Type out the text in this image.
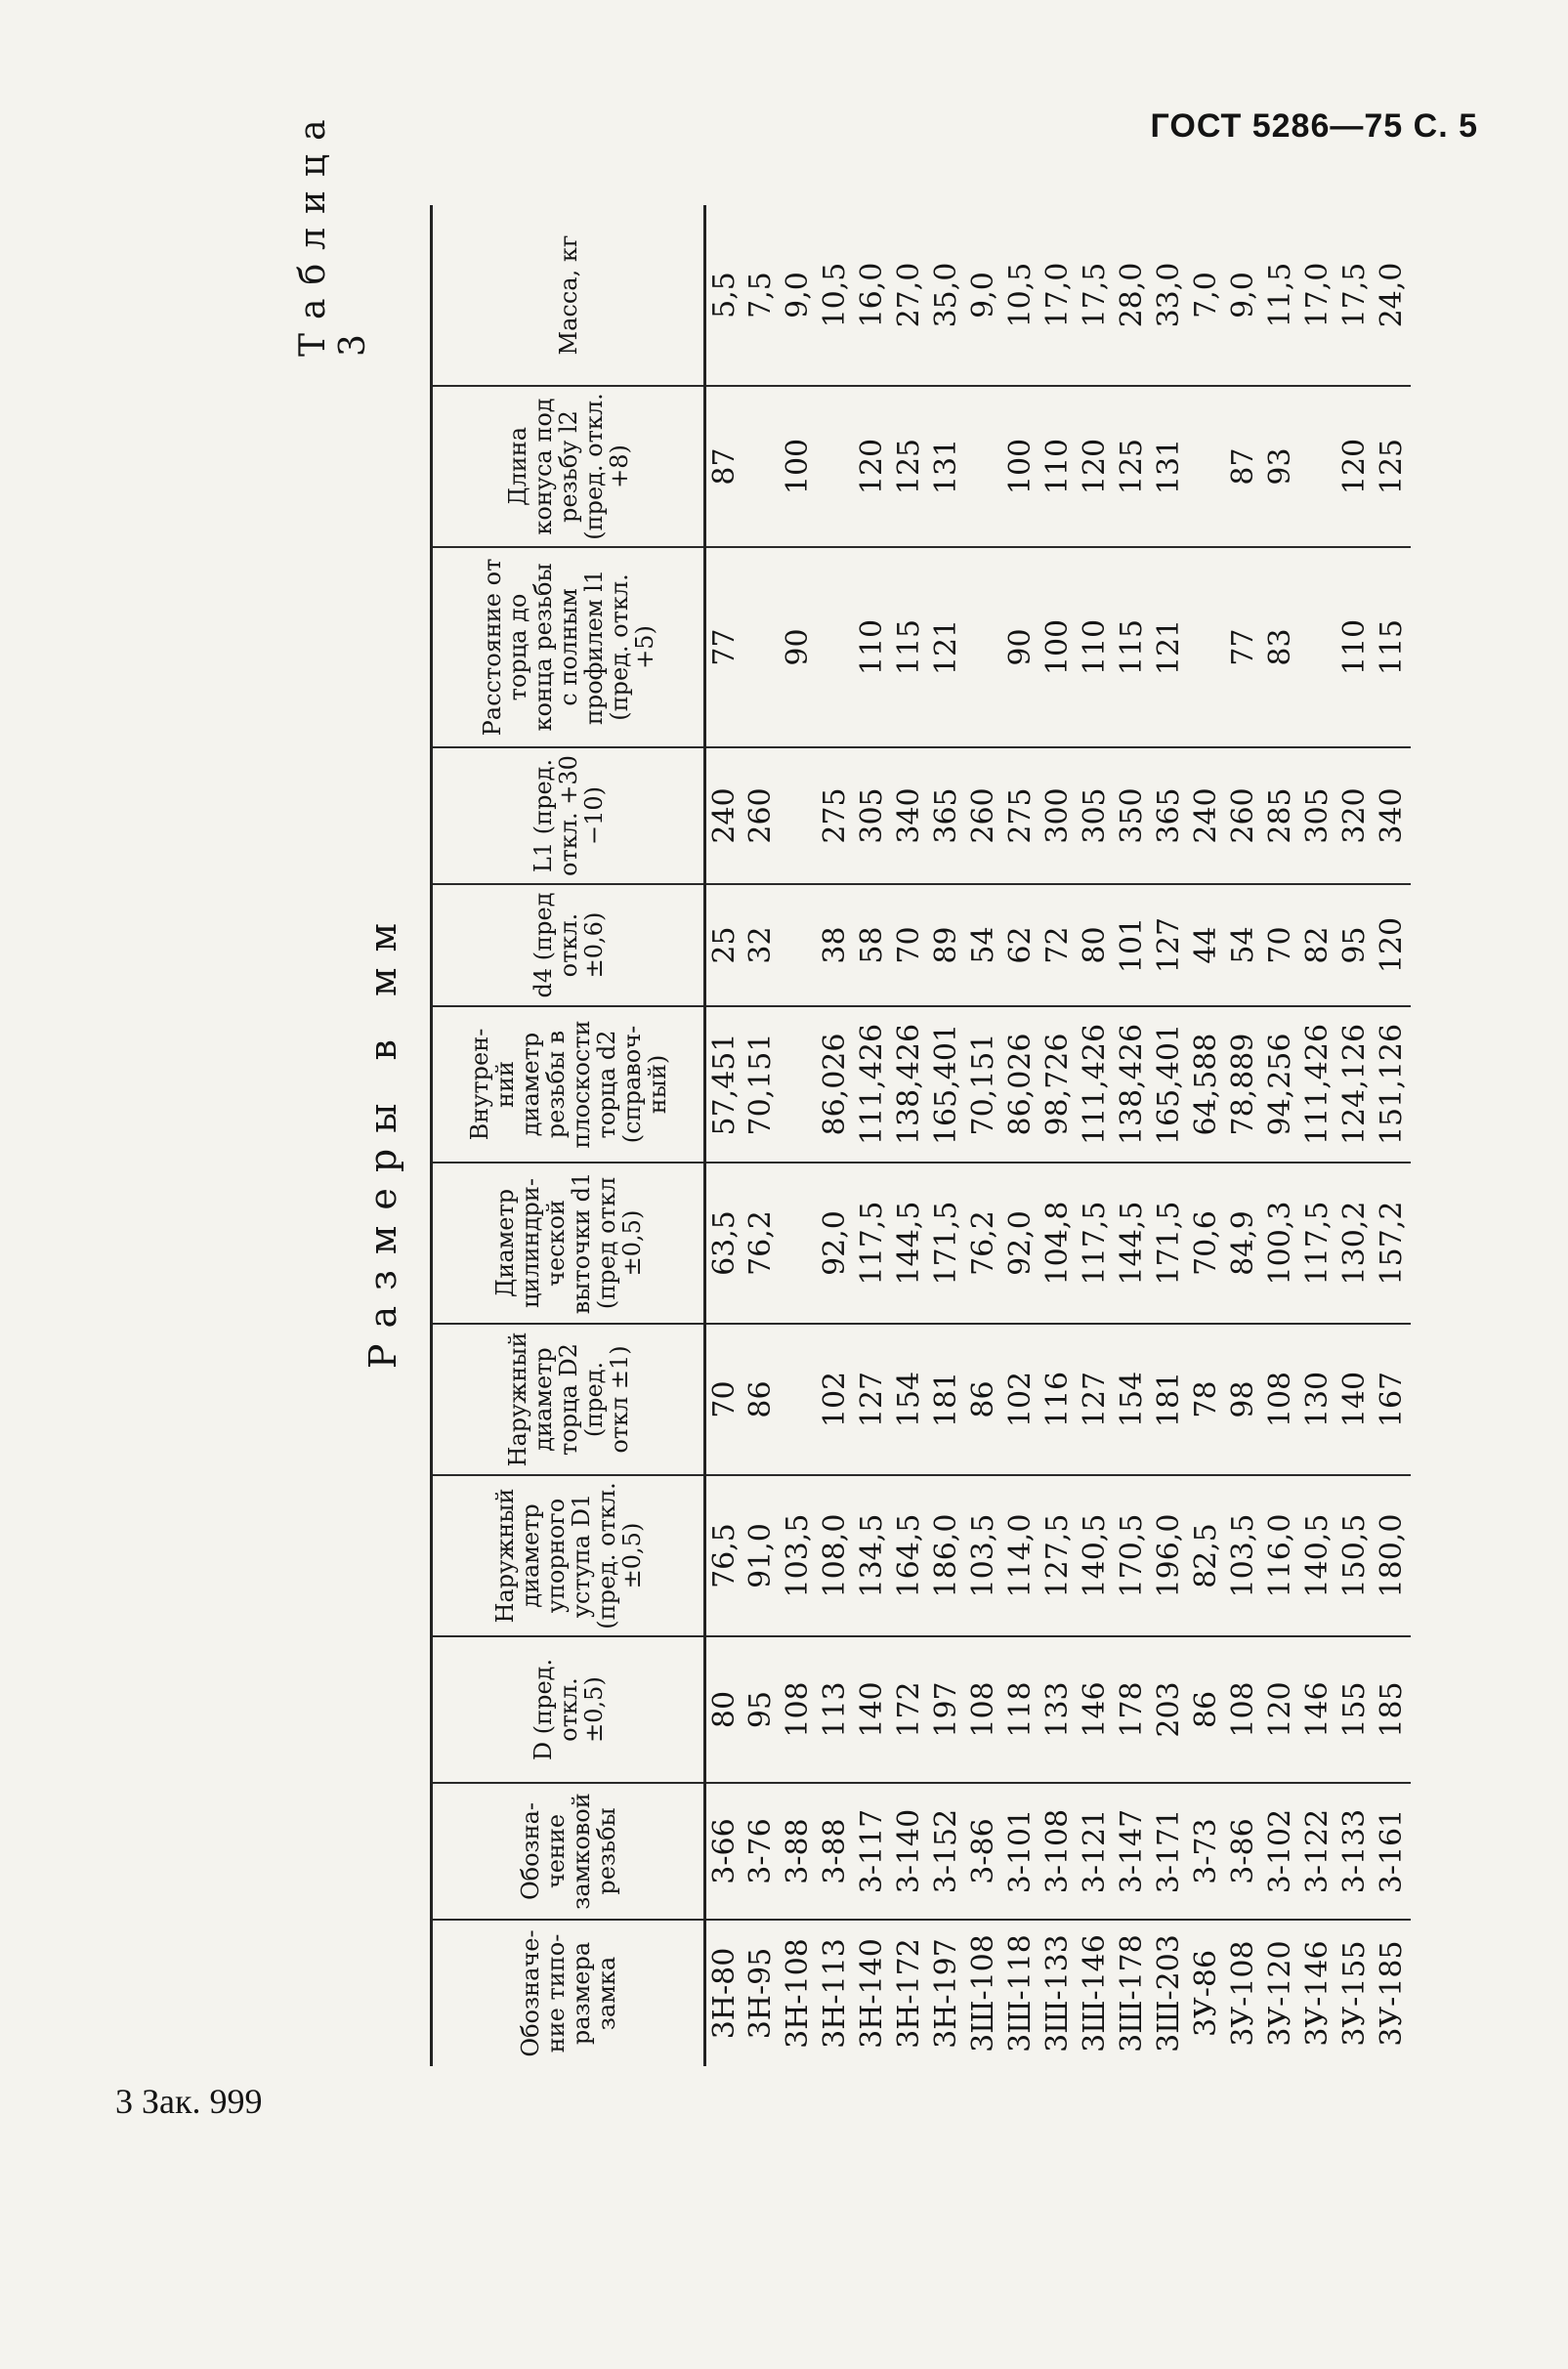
ГОСТ 5286—75 С. 5
3 Зак. 999
Таблица 3
Размеры в мм
Обозначе-ние типо-размера замка	Обозна-чение замковой резьбы	D (пред. откл. ±0,5)	Наружный диаметр упорного уступа D1 (пред. откл. ±0,5)	Наружный диаметр торца D2 (пред. откл ±1)	Диаметр цилиндри-ческой выточки d1 (пред откл ±0,5)	Внутрен-ний диаметр резьбы в плоскости торца d2 (справоч-ный)	d4 (пред откл. ±0,6)	L1 (пред. откл. +30 −10)	Расстояние от торца до конца резьбы с полным профилем l1 (пред. откл. +5)	Длина конуса под резьбу l2 (пред. откл. +8)	Масса, кг
3Н-80	3-66	80	76,5	70	63,5	57,451	25	240	77	87	5,5
3Н-95	3-76	95	91,0	86	76,2	70,151	32	260			7,5
3Н-108	3-88	108	103,5						90	100	9,0
3Н-113	3-88	113	108,0	102	92,0	86,026	38	275			10,5
3Н-140	3-117	140	134,5	127	117,5	111,426	58	305	110	120	16,0
3Н-172	3-140	172	164,5	154	144,5	138,426	70	340	115	125	27,0
3Н-197	3-152	197	186,0	181	171,5	165,401	89	365	121	131	35,0
3Ш-108	3-86	108	103,5	86	76,2	70,151	54	260			9,0
3Ш-118	3-101	118	114,0	102	92,0	86,026	62	275	90	100	10,5
3Ш-133	3-108	133	127,5	116	104,8	98,726	72	300	100	110	17,0
3Ш-146	3-121	146	140,5	127	117,5	111,426	80	305	110	120	17,5
3Ш-178	3-147	178	170,5	154	144,5	138,426	101	350	115	125	28,0
3Ш-203	3-171	203	196,0	181	171,5	165,401	127	365	121	131	33,0
3У-86	3-73	86	82,5	78	70,6	64,588	44	240			7,0
3У-108	3-86	108	103,5	98	84,9	78,889	54	260	77	87	9,0
3У-120	3-102	120	116,0	108	100,3	94,256	70	285	83	93	11,5
3У-146	3-122	146	140,5	130	117,5	111,426	82	305			17,0
3У-155	3-133	155	150,5	140	130,2	124,126	95	320	110	120	17,5
3У-185	3-161	185	180,0	167	157,2	151,126	120	340	115	125	24,0
